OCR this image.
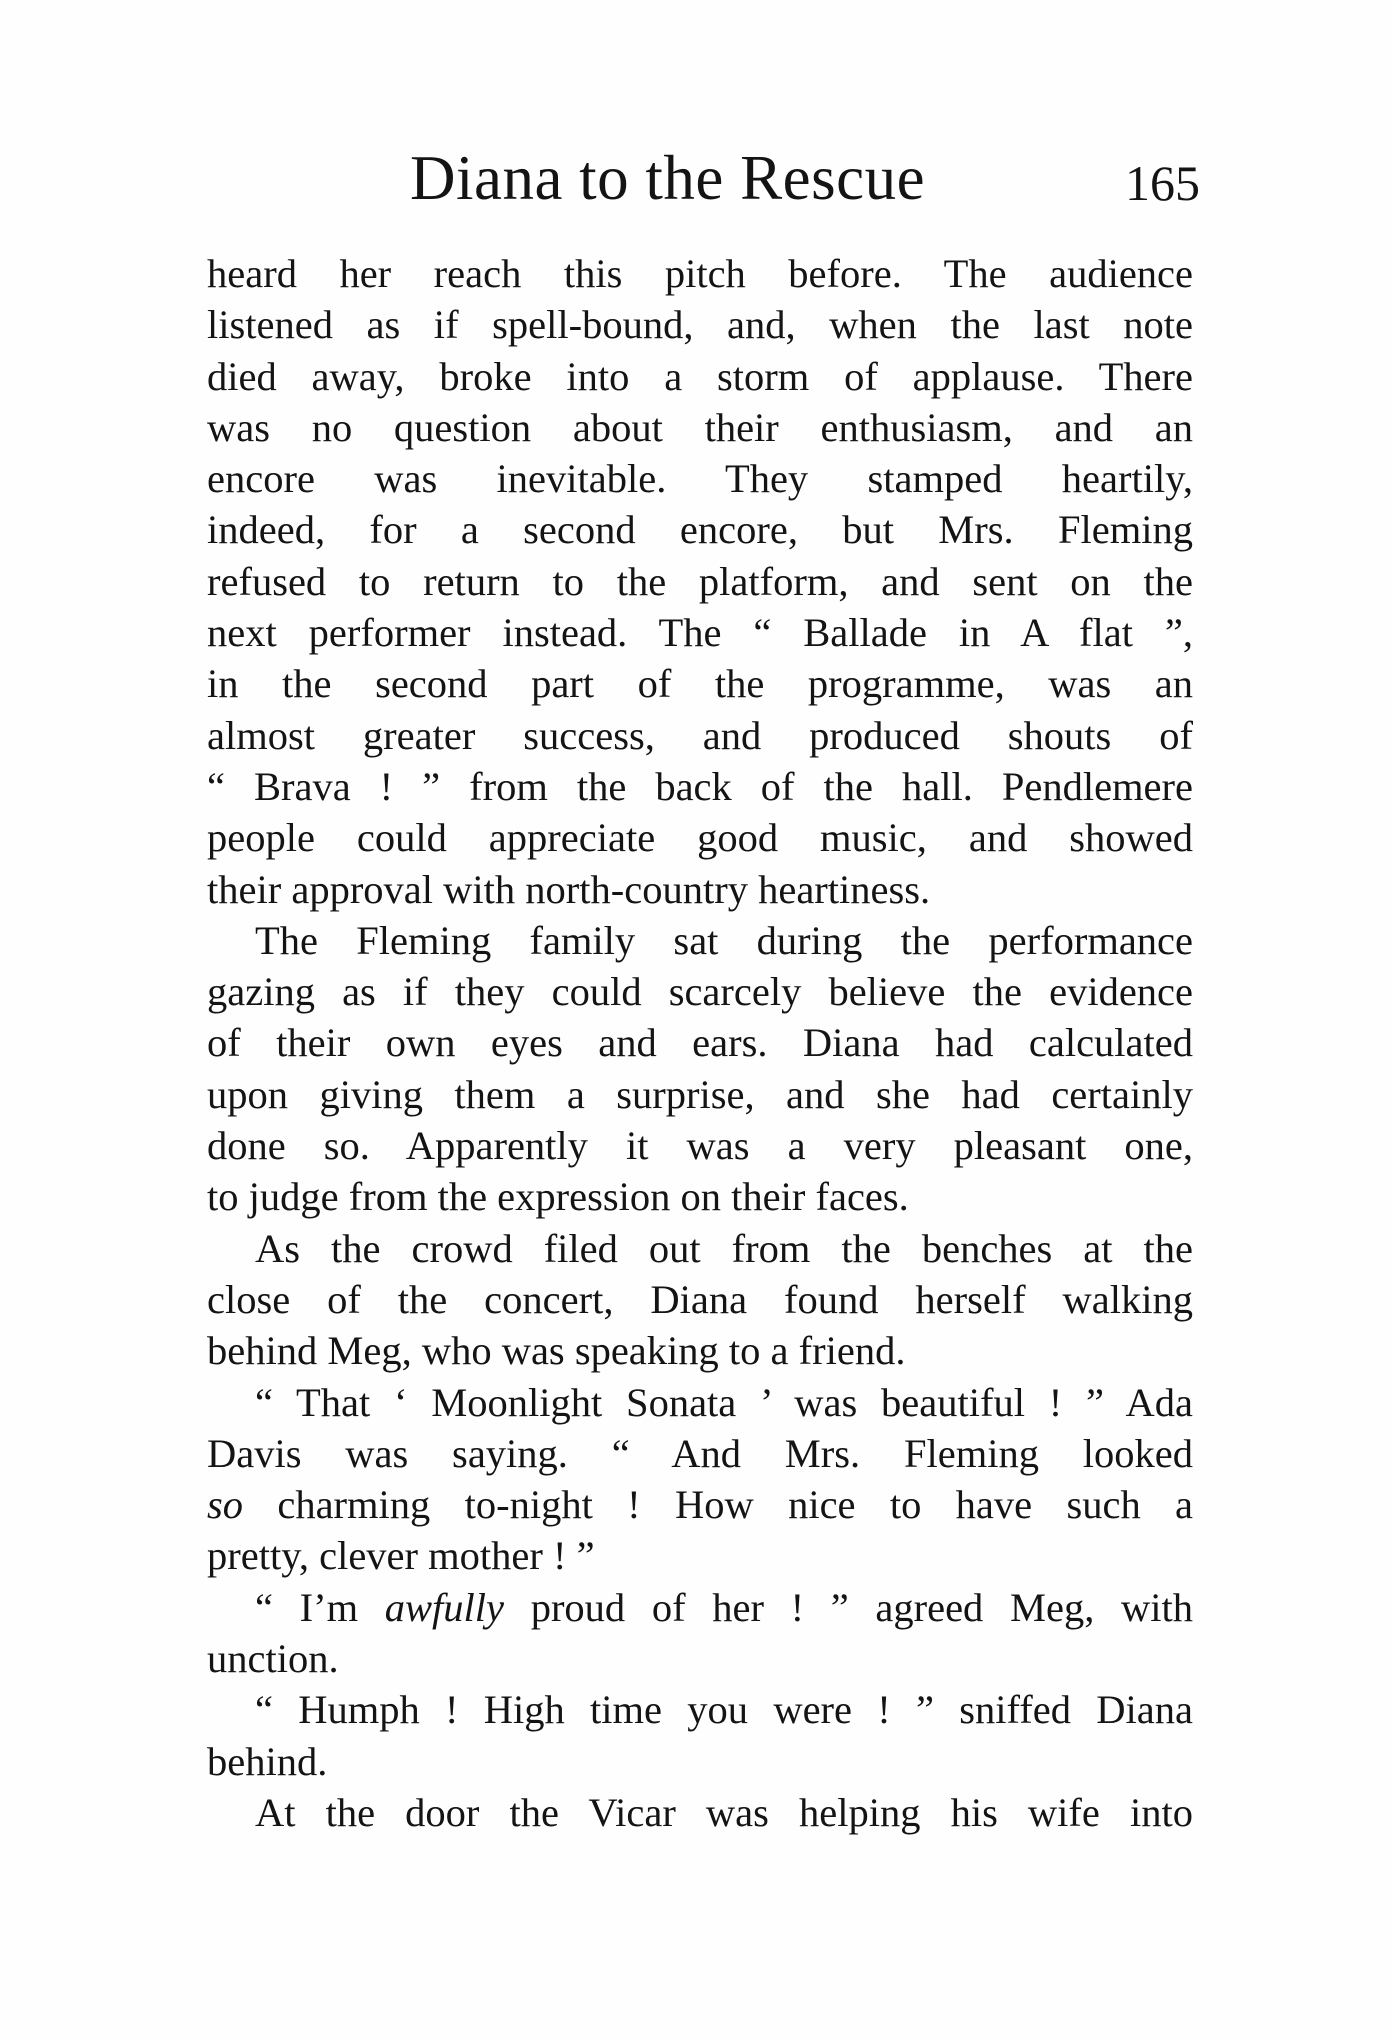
Diana to the Rescue	165
heard her reach this pitch before. The audience
listened as if spell-bound, and, when the last note
died away, broke into a storm of applause. There
was no question about their enthusiasm, and an
encore was inevitable. They stamped heartily,
indeed, for a second encore, but Mrs. Fleming
refused to return to the platform, and sent on the
next performer instead. The “ Ballade in A flat ”,
in the second part of the programme, was an
almost greater success, and produced shouts of
“ Brava ! ” from the back of the hall. Pendlemere
people could appreciate good music, and showed
their approval with north-country heartiness.
The Fleming family sat during the performance
gazing as if they could scarcely believe the evidence
of their own eyes and ears. Diana had calculated
upon giving them a surprise, and she had certainly
done so. Apparently it was a very pleasant one,
to judge from the expression on their faces.
As the crowd filed out from the benches at the
close of the concert, Diana found herself walking
behind Meg, who was speaking to a friend.
“ That ‘ Moonlight Sonata ’ was beautiful ! ” Ada
Davis was saying. “ And Mrs. Fleming looked
so charming to-night ! How nice to have such a
pretty, clever mother ! ”
“ I’m awfully proud of her ! ” agreed Meg, with
unction.
“ Humph ! High time you were ! ” sniffed Diana
behind.
At the door the Vicar was helping his wife into
